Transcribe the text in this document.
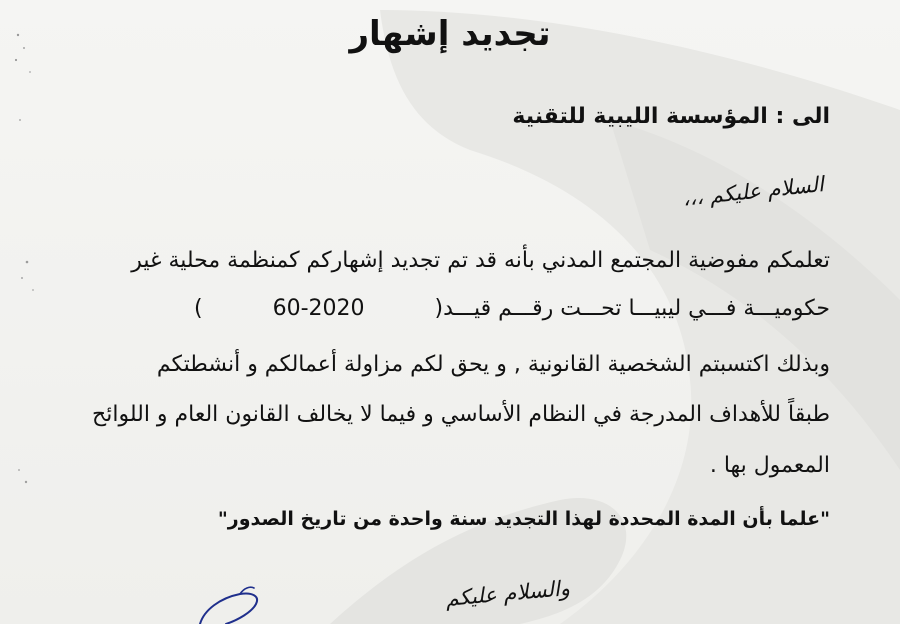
تجديد إشهار
الى : المؤسسة الليبية للتقنية
السلام عليكم ،،،
تعلمكم مفوضية المجتمع المدني بأنه قد تم تجديد إشهاركم كمنظمة محلية غير
حكوميـــة فـــي ليبيـــا تحـــت رقـــم قيـــد(60-2020)
وبذلك اكتسبتم الشخصية القانونية , و يحق لكم مزاولة أعمالكم و أنشطتكم
طبقاً للأهداف المدرجة في النظام الأساسي و فيما لا يخالف القانون العام و اللوائح
المعمول بها .
"علما بأن المدة المحددة لهذا التجديد سنة واحدة من تاريخ الصدور"
والسلام عليكم
